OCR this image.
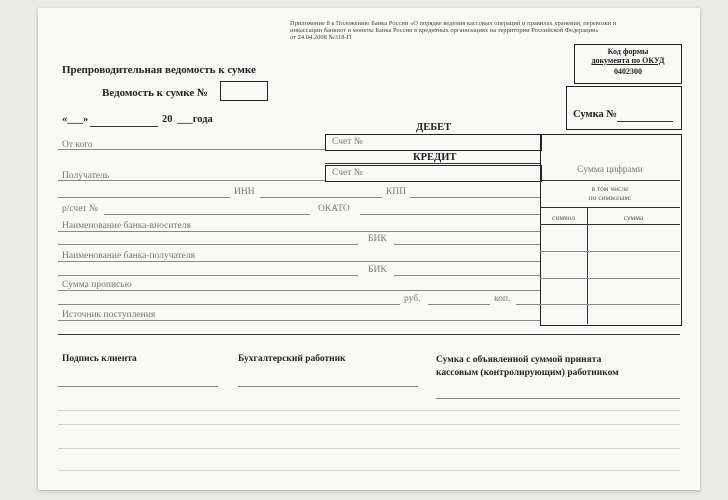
Приложение 8 к Положению Банка России «О порядке ведения кассовых операций и правилах хранения, перевозки и
инкассации банкнот и монеты Банка России в кредитных организациях на территории Российской Федерации»
от 24.04.2008 №318-П
Код формы
документа по ОКУД
0402300
Препроводительная ведомость к сумке
Ведомость к сумке №
«___»	20 ___года	Сумка №
ДЕБЕТ
Счет №
От кого
КРЕДИТ
Счет №
Получатель
Сумма цифрами
ИНН	КПП	в том числе
по символам:
р/счет №	ОКАТО
символ	сумма
Наименование банка-вносителя
БИК
Наименование банка-получателя
БИК
Сумма прописью
руб.	коп.
Источник поступления
Подпись клиента	Бухгалтерский работник	Сумка с объявленной суммой принята
кассовым (контролирующим) работником
